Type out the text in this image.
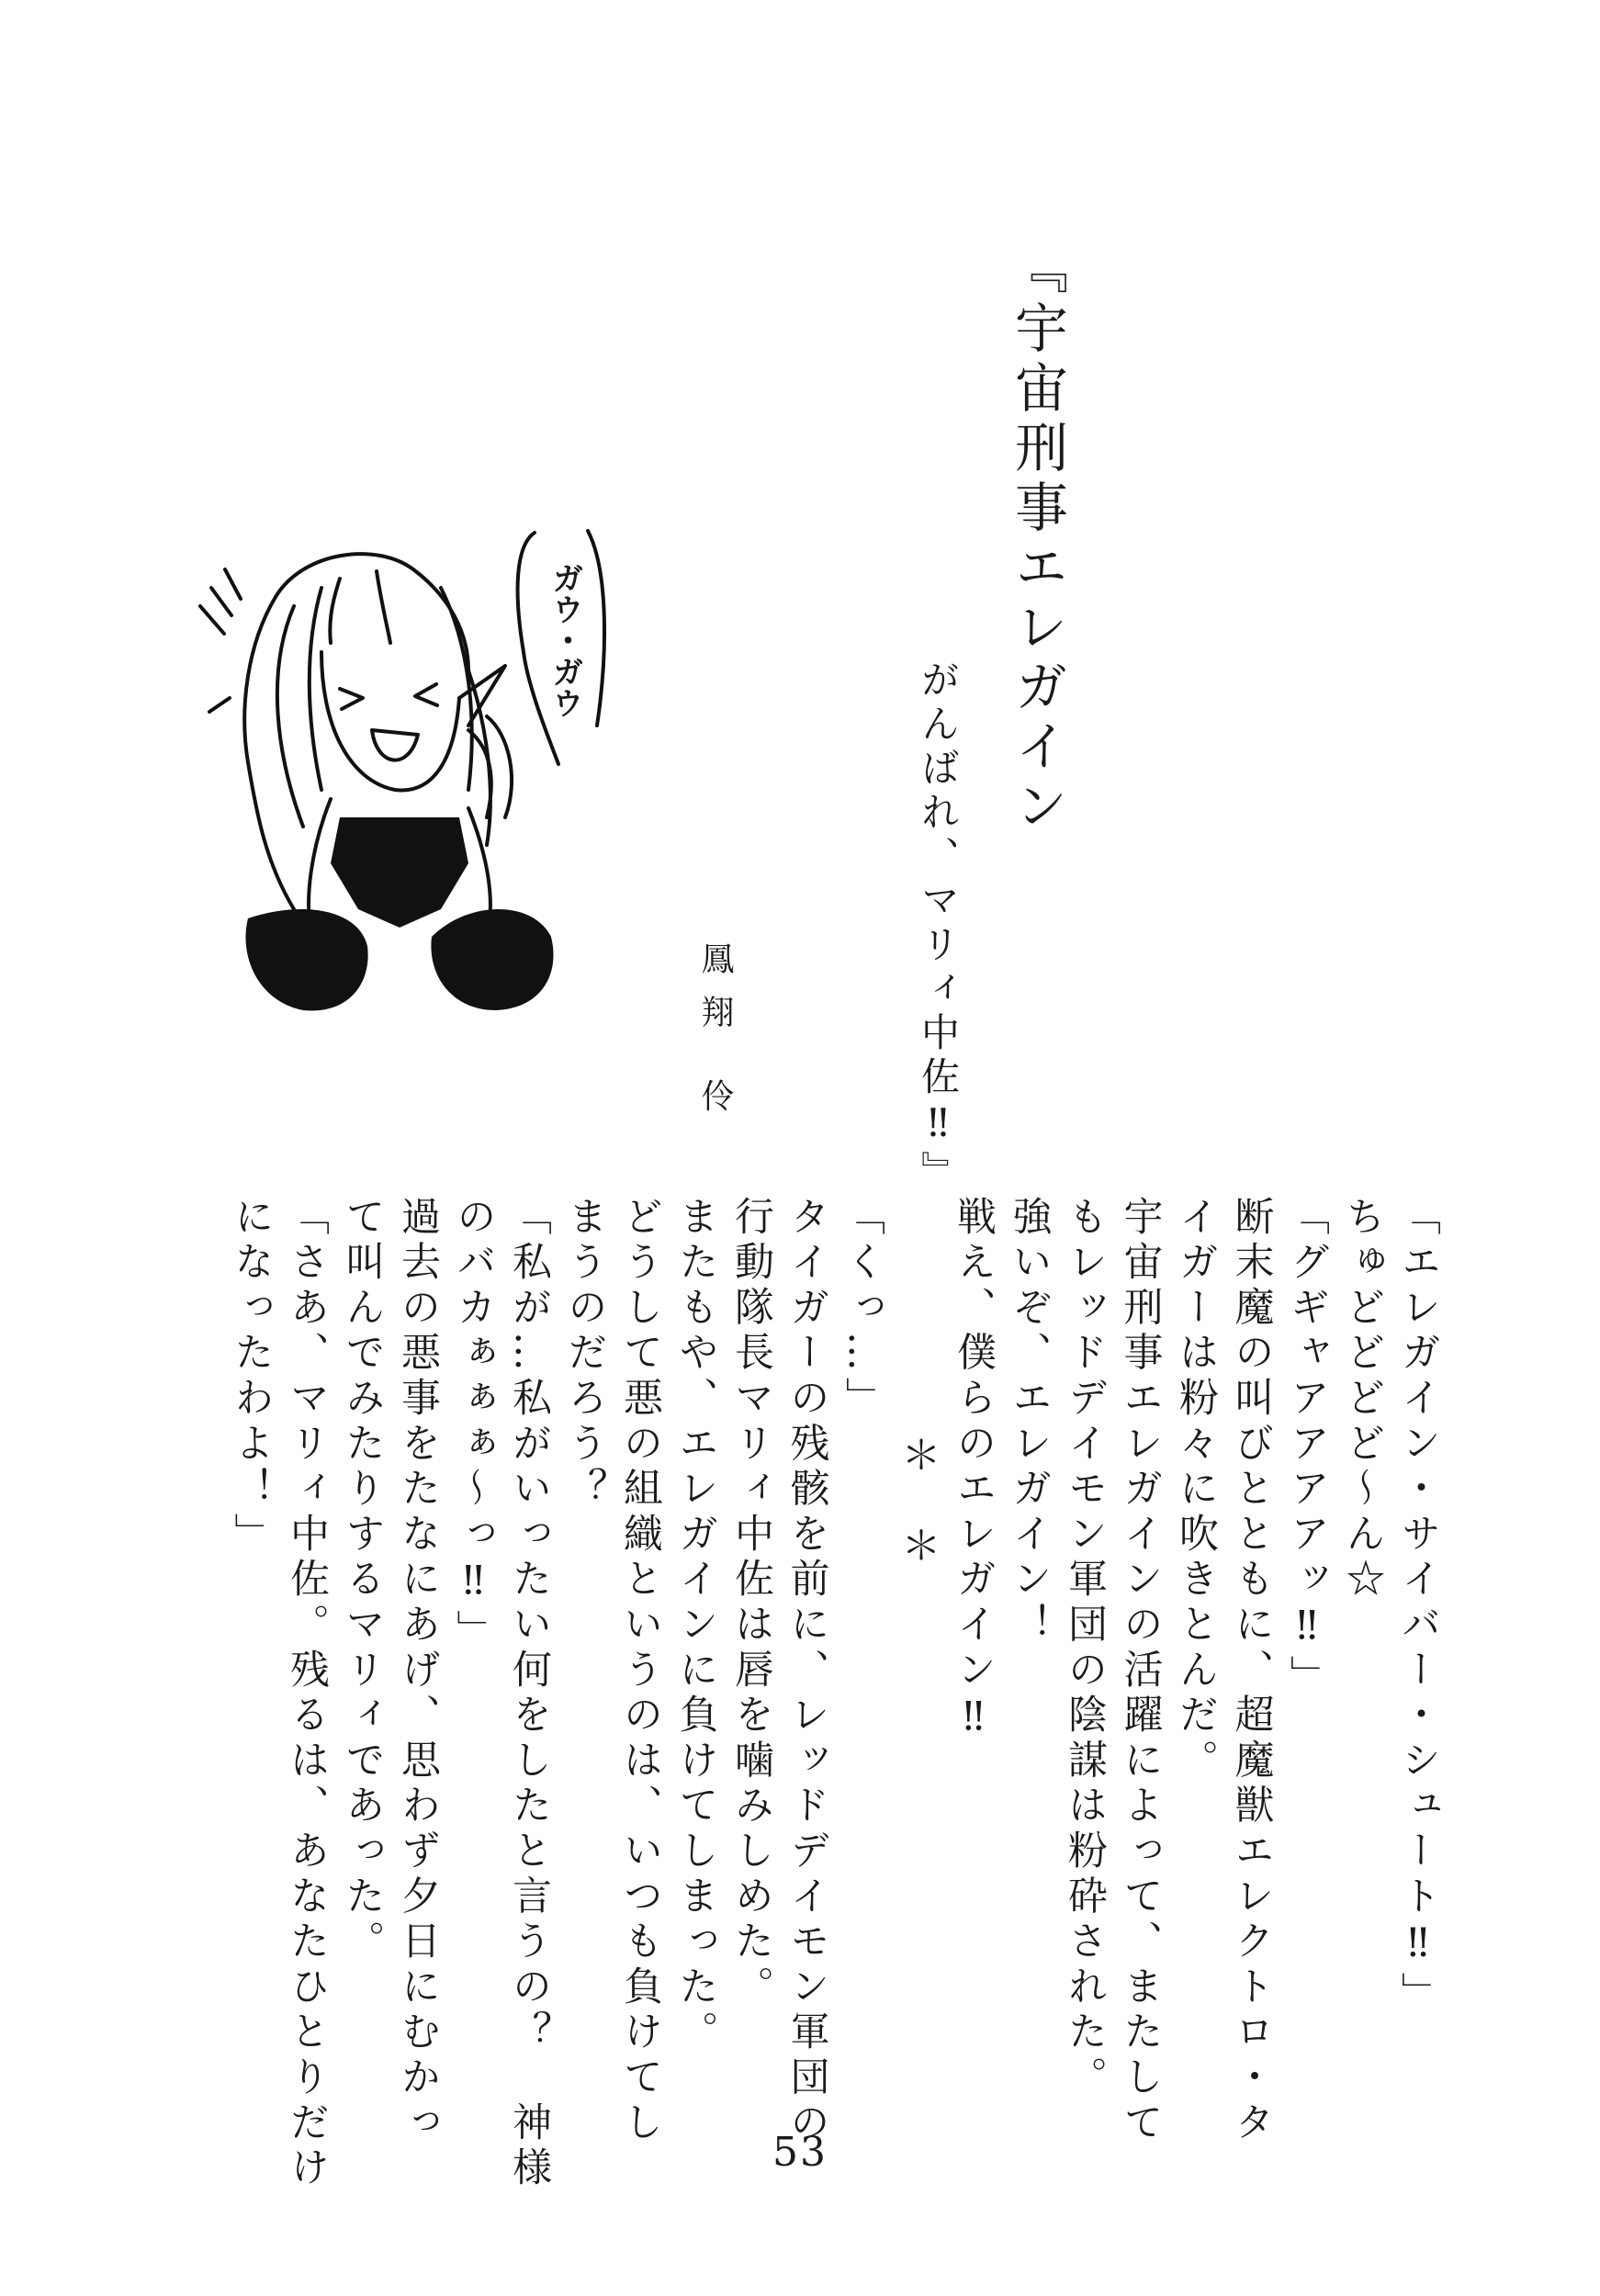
『宇宙刑事エレガイン
がんばれ、マリィ中佐‼』
鳳翔 伶
ガウ・ガウ
「エレガイン・サイバー・シュート‼」
ちゅどどどど〜ん☆
「グギャアアアアッ‼」
断末魔の叫びとともに、超魔獣エレクトロ・タ
イガーは粉々に吹きとんだ。
宇宙刑事エレガインの活躍によって、またして
もレッドデイモン軍団の陰謀は粉砕された。
強いぞ、エレガイン！
戦え、僕らのエレガイン‼
＊　＊
「くっ…」
タイガーの残骸を前に、レッドデイモン軍団の
行動隊長マリィ中佐は唇を噛みしめた。
またもや、エレガインに負けてしまった。
どうして悪の組織というのは、いつも負けてし
まうのだろう？
「私が…私がいったい何をしたと言うの？　神様
のバカぁぁぁ〜っ‼」
過去の悪事をたなにあげ、思わず夕日にむかっ
て叫んでみたりするマリィであった。
「さあ、マリィ中佐。残るは、あなたひとりだけ
になったわよ！」
53
